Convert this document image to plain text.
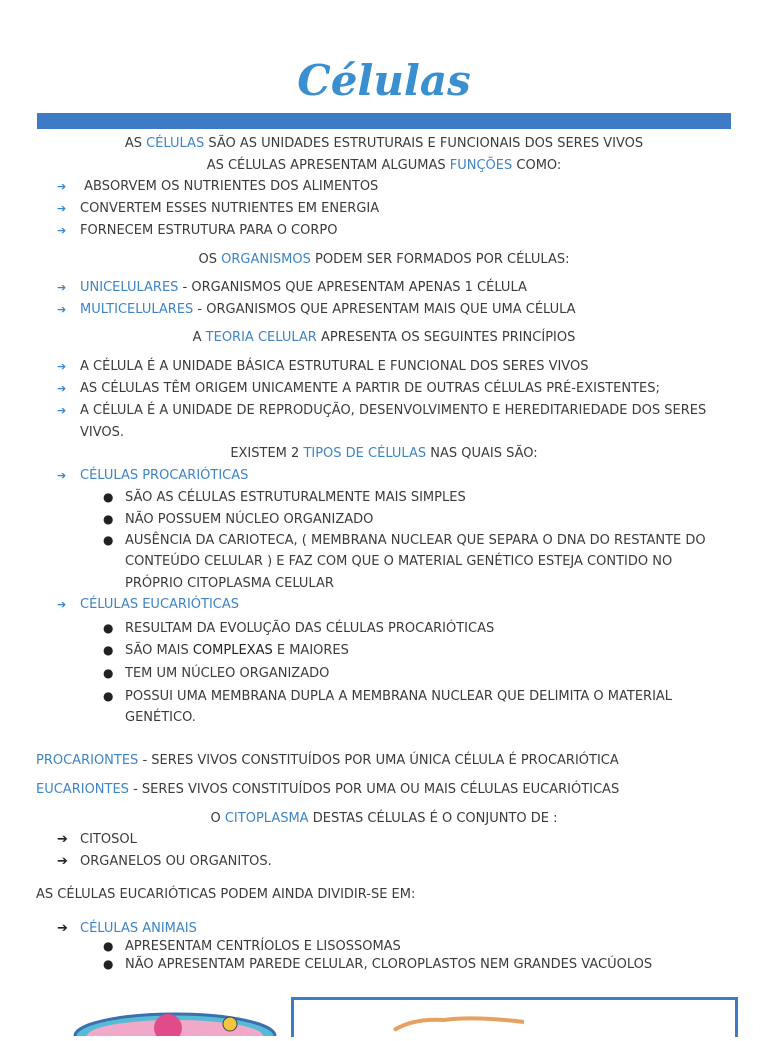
Células
AS CÉLULAS SÃO AS UNIDADES ESTRUTURAIS E FUNCIONAIS DOS SERES VIVOS
AS CÉLULAS APRESENTAM ALGUMAS FUNÇÕES COMO:
➔ ABSORVEM OS NUTRIENTES DOS ALIMENTOS
➔ CONVERTEM ESSES NUTRIENTES EM ENERGIA
➔ FORNECEM ESTRUTURA PARA O CORPO
OS ORGANISMOS PODEM SER FORMADOS POR CÉLULAS:
➔ UNICELULARES - ORGANISMOS QUE APRESENTAM APENAS 1 CÉLULA
➔ MULTICELULARES - ORGANISMOS QUE APRESENTAM MAIS QUE UMA CÉLULA
A TEORIA CELULAR APRESENTA OS SEGUINTES PRINCÍPIOS
➔ A CÉLULA É A UNIDADE BÁSICA ESTRUTURAL E FUNCIONAL DOS SERES VIVOS
➔ AS CÉLULAS TÊM ORIGEM UNICAMENTE A PARTIR DE OUTRAS CÉLULAS PRÉ-EXISTENTES;
➔ A CÉLULA É A UNIDADE DE REPRODUÇÃO, DESENVOLVIMENTO E HEREDITARIEDADE DOS SERES
VIVOS.
EXISTEM 2 TIPOS DE CÉLULAS NAS QUAIS SÃO:
➔ CÉLULAS PROCARIÓTICAS
● SÃO AS CÉLULAS ESTRUTURALMENTE MAIS SIMPLES
● NÃO POSSUEM NÚCLEO ORGANIZADO
● AUSÊNCIA DA CARIOTECA, ( MEMBRANA NUCLEAR QUE SEPARA O DNA DO RESTANTE DO
CONTEÚDO CELULAR ) E FAZ COM QUE O MATERIAL GENÉTICO ESTEJA CONTIDO NO
PRÓPRIO CITOPLASMA CELULAR
➔ CÉLULAS EUCARIÓTICAS
● RESULTAM DA EVOLUÇÃO DAS CÉLULAS PROCARIÓTICAS
● SÃO MAIS COMPLEXAS E MAIORES
● TEM UM NÚCLEO ORGANIZADO
● POSSUI UMA MEMBRANA DUPLA A MEMBRANA NUCLEAR QUE DELIMITA O MATERIAL
GENÉTICO.
PROCARIONTES - SERES VIVOS CONSTITUÍDOS POR UMA ÚNICA CÉLULA É PROCARIÓTICA
EUCARIONTES - SERES VIVOS CONSTITUÍDOS POR UMA OU MAIS CÉLULAS EUCARIÓTICAS
O CITOPLASMA DESTAS CÉLULAS É O CONJUNTO DE :
➔ CITOSOL
➔ ORGANELOS OU ORGANITOS.
AS CÉLULAS EUCARIÓTICAS PODEM AINDA DIVIDIR-SE EM:
➔ CÉLULAS ANIMAIS
● APRESENTAM CENTRÍOLOS E LISOSSOMAS
● NÃO APRESENTAM PAREDE CELULAR, CLOROPLASTOS NEM GRANDES VACÚOLOS
